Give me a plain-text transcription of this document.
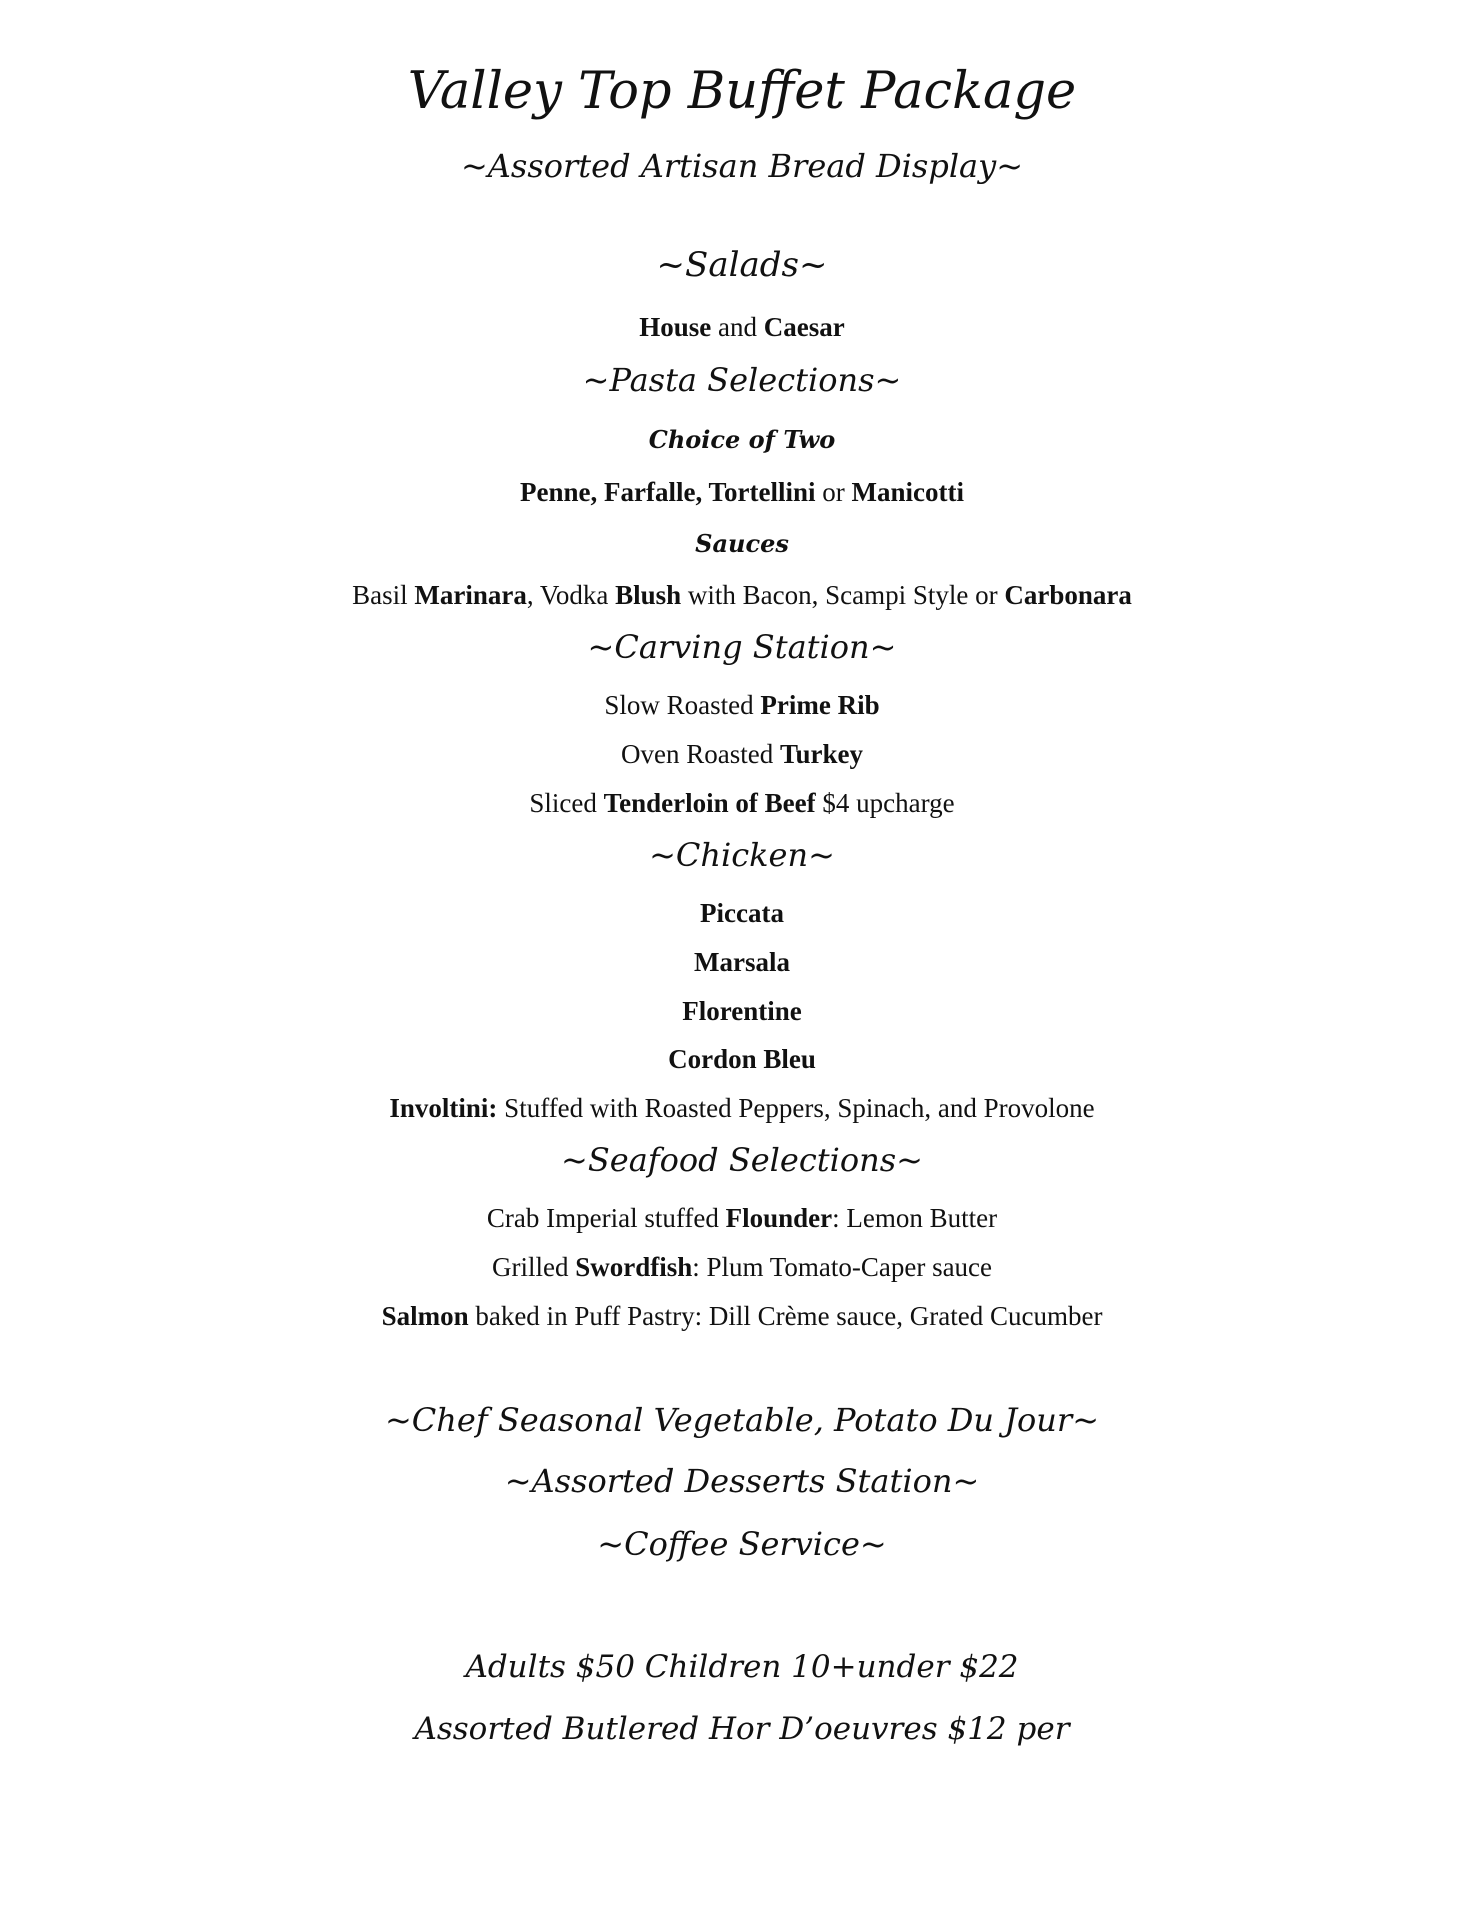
Valley Top Buffet Package
~Assorted Artisan Bread Display~
~Salads~
House and Caesar
~Pasta Selections~
Choice of Two
Penne, Farfalle, Tortellini or Manicotti
Sauces
Basil Marinara, Vodka Blush with Bacon, Scampi Style or Carbonara
~Carving Station~
Slow Roasted Prime Rib
Oven Roasted Turkey
Sliced Tenderloin of Beef $4 upcharge
~Chicken~
Piccata
Marsala
Florentine
Cordon Bleu
Involtini: Stuffed with Roasted Peppers, Spinach, and Provolone
~Seafood Selections~
Crab Imperial stuffed Flounder: Lemon Butter
Grilled Swordfish: Plum Tomato-Caper sauce
Salmon baked in Puff Pastry: Dill Crème sauce, Grated Cucumber
~Chef Seasonal Vegetable, Potato Du Jour~
~Assorted Desserts Station~
~Coffee Service~
Adults $50 Children 10+under $22
Assorted Butlered Hor D’oeuvres $12 per
